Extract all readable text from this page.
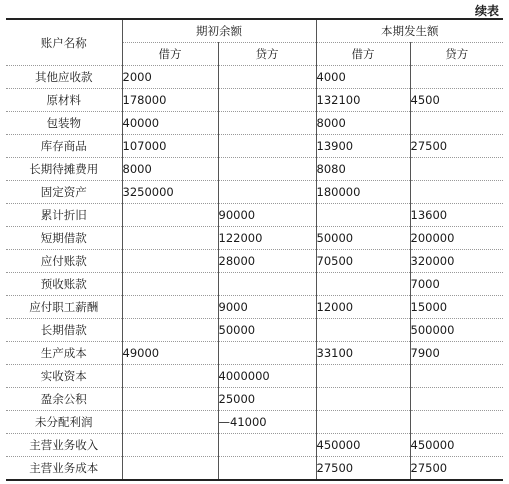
续表
账户名称	期初余额		本期发生额	
	借方	贷方	借方	贷方
其他应收款	2000		4000	
原材料	178000		132100	4500
包装物	40000		8000	
库存商品	107000		13900	27500
长期待摊费用	8000		8080	
固定资产	3250000		180000	
累计折旧		90000		13600
短期借款		122000	50000	200000
应付账款		28000	70500	320000
预收账款				7000
应付职工薪酬		9000	12000	15000
长期借款		50000		500000
生产成本	49000		33100	7900
实收资本		4000000		
盈余公积		25000		
未分配利润		—41000		
主营业务收入			450000	450000
主营业务成本			27500	27500
